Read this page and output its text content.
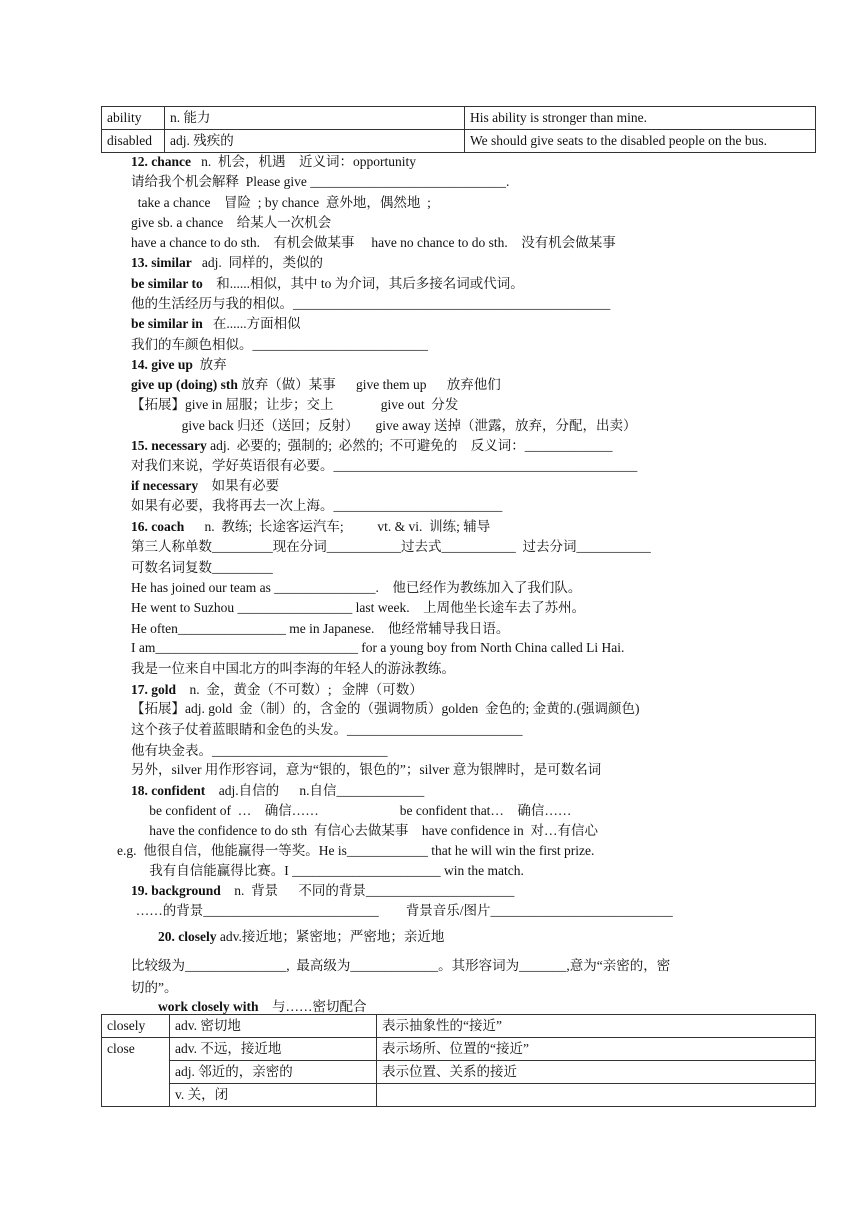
ability	n. 能力	His ability is stronger than mine.
disabled	adj. 残疾的	We should give seats to the disabled people on the bus.
12. chance   n.  机会，机遇    近义词：opportunity
请给我个机会解释  Please give _____________________________.
take a chance    冒险  ; by chance  意外地，偶然地  ;
give sb. a chance    给某人一次机会
have a chance to do sth.    有机会做某事     have no chance to do sth.    没有机会做某事
13. similar   adj.  同样的，类似的
be similar to    和......相似，其中 to 为介词，其后多接名词或代词。
他的生活经历与我的相似。_______________________________________________
be similar in   在......方面相似
我们的车颜色相似。__________________________
14. give up  放弃
give up (doing) sth 放弃（做）某事      give them up      放弃他们
【拓展】give in 屈服；让步；交上              give out  分发
give back 归还（送回；反射）     give away 送掉（泄露，放弃，分配，出卖）
15. necessary adj.  必要的;  强制的;  必然的;  不可避免的    反义词：_____________
对我们来说，学好英语很有必要。_____________________________________________
if necessary    如果有必要
如果有必要，我将再去一次上海。_________________________
16. coach      n.  教练;  长途客运汽车;          vt. & vi.  训练; 辅导
第三人称单数_________现在分词___________过去式___________  过去分词___________
可数名词复数_________
He has joined our team as _______________.    他已经作为教练加入了我们队。
He went to Suzhou _________________ last week.    上周他坐长途车去了苏州。
He often________________ me in Japanese.    他经常辅导我日语。
I am______________________________ for a young boy from North China called Li Hai.
我是一位来自中国北方的叫李海的年轻人的游泳教练。
17. gold    n.  金，黄金（不可数）;   金牌（可数）
【拓展】adj. gold  金（制）的，含金的（强调物质）golden  金色的; 金黄的.(强调颜色)
这个孩子仗着蓝眼睛和金色的头发。__________________________
他有块金表。__________________________
另外，silver 用作形容词，意为“银的，银色的”；silver 意为银牌时，是可数名词
18. confident    adj.自信的      n.自信_____________
be confident of  …    确信……                        be confident that…    确信……
have the confidence to do sth  有信心去做某事    have confidence in  对…有信心
e.g.  他很自信，他能赢得一等奖。He is____________ that he will win the first prize.
我有自信能赢得比赛。I ______________________ win the match.
19. background    n.  背景      不同的背景______________________
……的背景__________________________        背景音乐/图片___________________________
20. closely adv.接近地；紧密地；严密地；亲近地
比较级为_______________,  最高级为_____________。其形容词为_______,意为“亲密的，密
切的”。
work closely with    与……密切配合
closely	adv. 密切地	表示抽象性的“接近”
close	adv. 不远，接近地	表示场所、位置的“接近”
	adj. 邻近的，亲密的	表示位置、关系的接近
	v. 关，闭	
